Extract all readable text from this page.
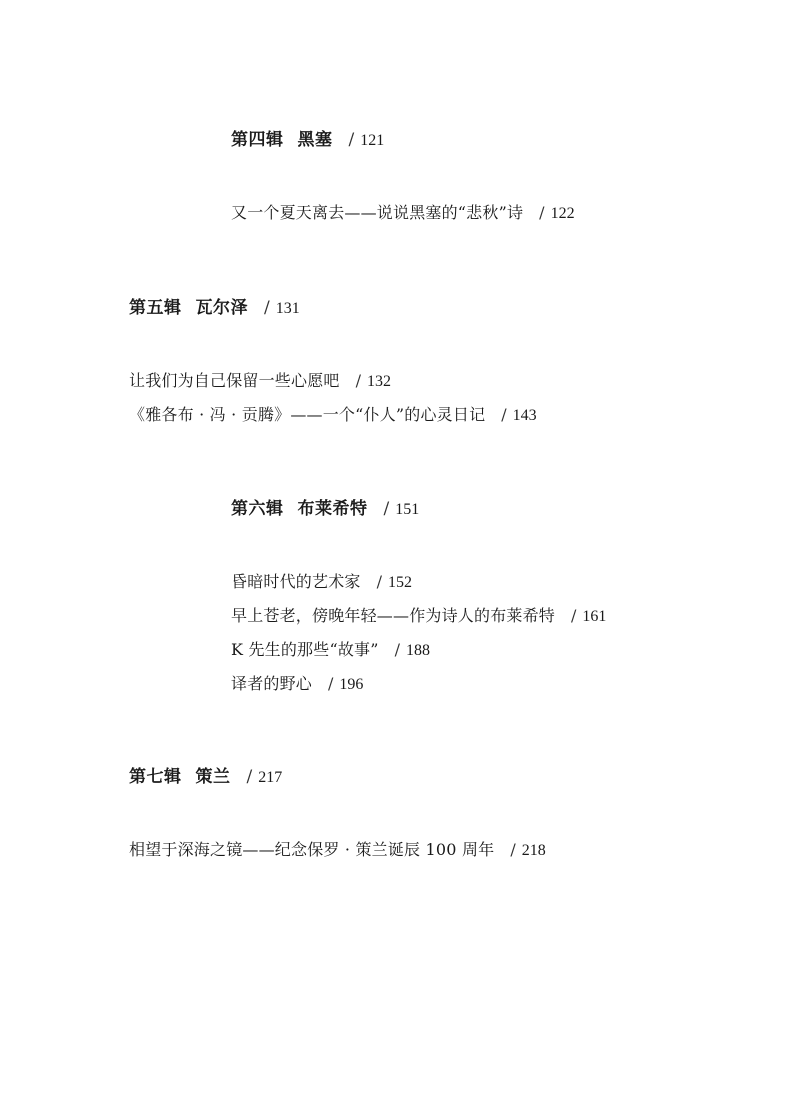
第四辑 黑塞 / 121
又一个夏天离去——说说黑塞的“悲秋”诗 / 122
第五辑 瓦尔泽 / 131
让我们为自己保留一些心愿吧 / 132
《雅各布 · 冯 · 贡腾》——一个“仆人”的心灵日记 / 143
第六辑 布莱希特 / 151
昏暗时代的艺术家 / 152
早上苍老，傍晚年轻——作为诗人的布莱希特 / 161
K 先生的那些“故事” / 188
译者的野心 / 196
第七辑 策兰 / 217
相望于深海之镜——纪念保罗 · 策兰诞辰 100 周年 / 218
